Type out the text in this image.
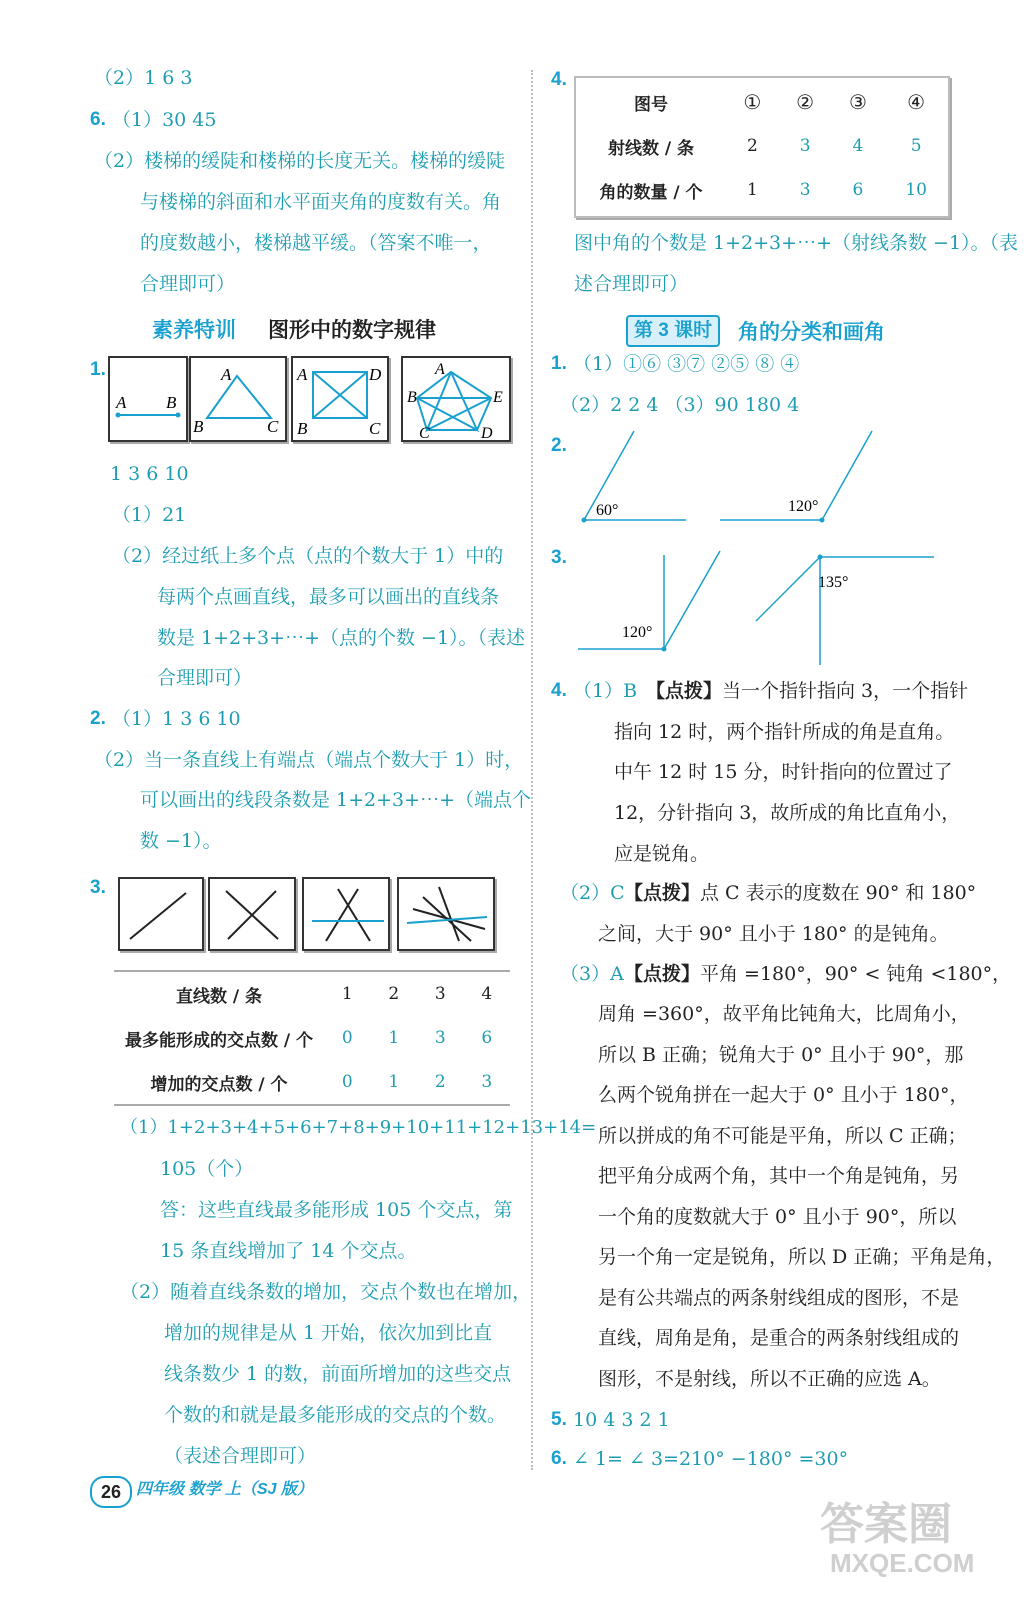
（2）1 6 3
6. （1）30 45
（2）楼梯的缓陡和楼梯的长度无关。楼梯的缓陡
与楼梯的斜面和水平面夹角的度数有关。角
的度数越小，楼梯越平缓。（答案不唯一，
合理即可）
素养特训 图形中的数字规律
1.
A B
A
B	C
A	D
B	C
A
B	E
C	D
1 3 6 10
（1）21
（2）经过纸上多个点（点的个数大于 1）中的
每两个点画直线，最多可以画出的直线条
数是 1+2+3+⋯+（点的个数 −1）。（表述
合理即可）
2. （1）1 3 6 10
（2）当一条直线上有端点（端点个数大于 1）时，
可以画出的线段条数是 1+2+3+⋯+（端点个
数 −1）。
3.
直线数 / 条	1	2	3	4
最多能形成的交点数 / 个	0	1	3	6
增加的交点数 / 个	0	1	2	3
（1）1+2+3+4+5+6+7+8+9+10+11+12+13+14=
105（个）
答：这些直线最多能形成 105 个交点，第
15 条直线增加了 14 个交点。
（2）随着直线条数的增加，交点个数也在增加，
增加的规律是从 1 开始，依次加到比直
线条数少 1 的数，前面所增加的这些交点
个数的和就是最多能形成的交点的个数。
（表述合理即可）
4.
图号	①	②	③	④
射线数 / 条	2	3	4	5
角的数量 / 个	1	3	6	10
图中角的个数是 1+2+3+⋯+（射线条数 −1）。（表
述合理即可）
第 3 课时	角的分类和画角
1. （1）①⑥ ③⑦ ②⑤ ⑧ ④
（2）2 2 4 （3）90 180 4
2.
60°	120°
3.
120°
135°
4. （1）B 【点拨】 当一个指针指向 3，一个指针
指向 12 时，两个指针所成的角是直角。
中午 12 时 15 分，时针指向的位置过了
12，分针指向 3，故所成的角比直角小，
应是锐角。
（2）C 【点拨】 点 C 表示的度数在 90° 和 180°
之间，大于 90° 且小于 180° 的是钝角。
（3）A 【点拨】 平角 =180°，90° < 钝角 <180°，
周角 =360°，故平角比钝角大，比周角小，
所以 B 正确；锐角大于 0° 且小于 90°，那
么两个锐角拼在一起大于 0° 且小于 180°，
所以拼成的角不可能是平角，所以 C 正确；
把平角分成两个角，其中一个角是钝角，另
一个角的度数就大于 0° 且小于 90°，所以
另一个角一定是锐角，所以 D 正确；平角是角，
是有公共端点的两条射线组成的图形，不是
直线，周角是角，是重合的两条射线组成的
图形，不是射线，所以不正确的应选 A。
5. 10 4 3 2 1
6. ∠ 1= ∠ 3=210° −180° =30°
26 四年级 数学 上（SJ 版）
答案圈
MXQE.COM
